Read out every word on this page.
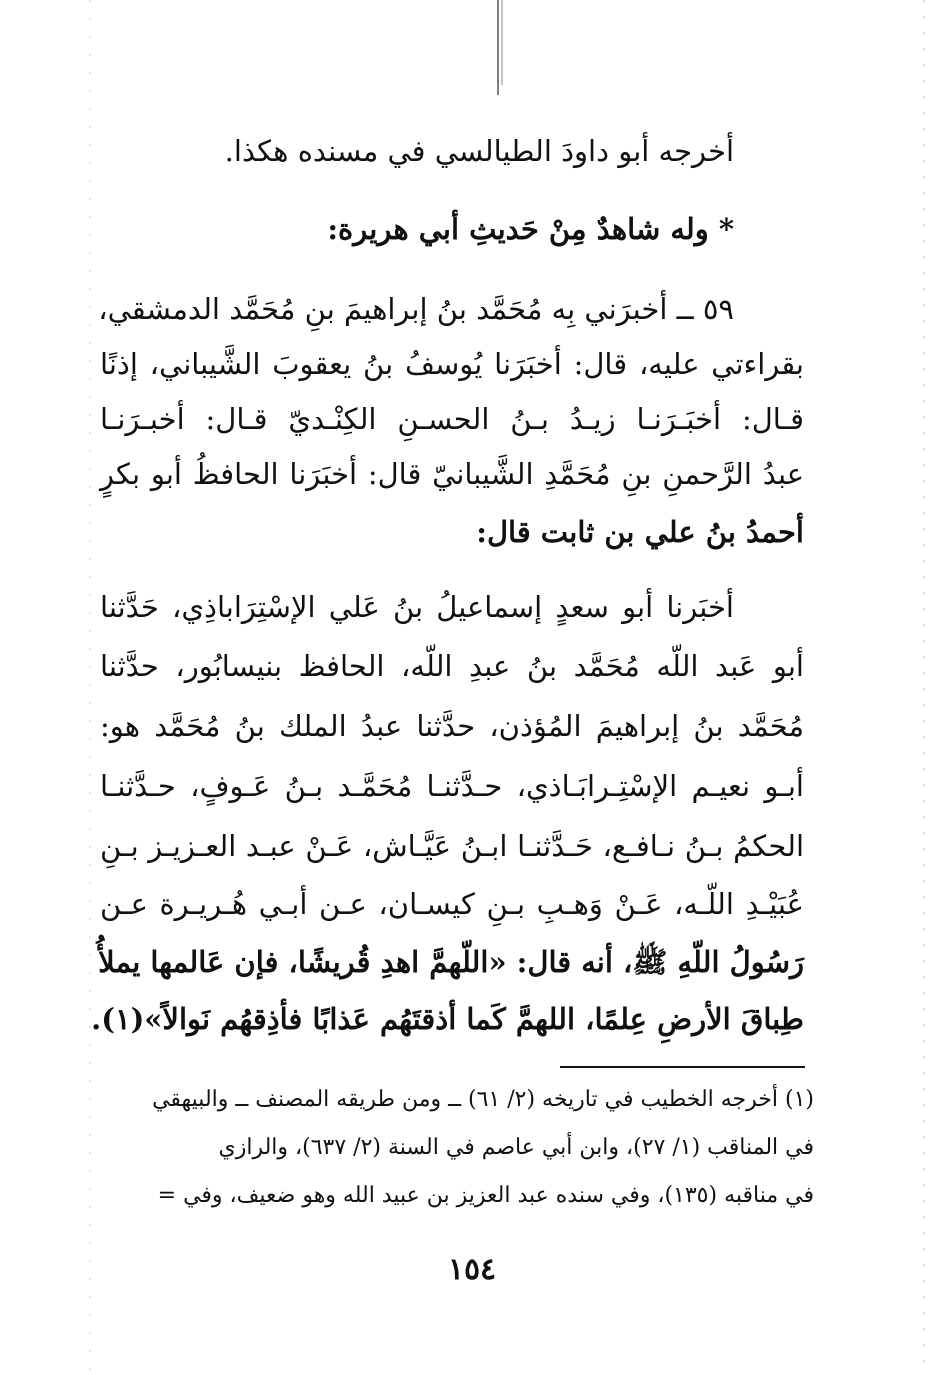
أخرجه أبو داودَ الطيالسي في مسنده هكذا.
* وله شاهدٌ مِنْ حَديثِ أبي هريرة:
٥٩ ــ أخبرَني بِه مُحَمَّد بنُ إبراهيمَ بنِ مُحَمَّد الدمشقي،
بقراءتي عليه، قال: أخبَرَنا يُوسفُ بنُ يعقوبَ الشَّيباني، إذنًا
قـال: أخبَـرَنـا زيـدُ بـنُ الحسـنِ الكِنْـديّ قـال: أخبـرَنـا
عبدُ الرَّحمنِ بنِ مُحَمَّدِ الشَّيبانيّ قال: أخبَرَنا الحافظُ أبو بكرٍ
أحمدُ بنُ علي بن ثابت قال:
أخبَرنا أبو سعدٍ إسماعيلُ بنُ عَلي الإسْتِرَاباذِي، حَدَّثنا
أبو عَبد اللّه مُحَمَّد بنُ عبدِ اللّه، الحافظ بنيسابُور، حدَّثنا
مُحَمَّد بنُ إبراهيمَ المُؤذن، حدَّثنا عبدُ الملك بنُ مُحَمَّد هو:
أبـو نعيـم الإسْتِـرابَـاذي، حـدَّثنـا مُحَمَّـد بـنُ عَـوفٍ، حـدَّثنـا
الحكمُ بـنُ نـافـع، حَـدَّثنـا ابـنُ عَيَّـاش، عَـنْ عبـد العـزيـز بـنِ
عُبَيْـدِ اللّـه، عَـنْ وَهـبِ بـنِ كيسـان، عـن أبـي هُـريـرة عـن
رَسُولُ اللّهِ ﷺ، أنه قال: «اللّهمَّ اهدِ قُريشًا، فإن عَالمها يملأُ
طِباقَ الأرضِ عِلمًا، اللهمَّ كَما أذقتَهُم عَذابًا فأذِقهُم نَوالاً»(١).
(١) أخرجه الخطيب في تاريخه (٢/ ٦١) ــ ومن طريقه المصنف ــ والبيهقي
في المناقب (١/ ٢٧)، وابن أبي عاصم في السنة (٢/ ٦٣٧)، والرازي
في مناقبه (١٣٥)، وفي سنده عبد العزيز بن عبيد الله وهو ضعيف، وفي =
١٥٤
